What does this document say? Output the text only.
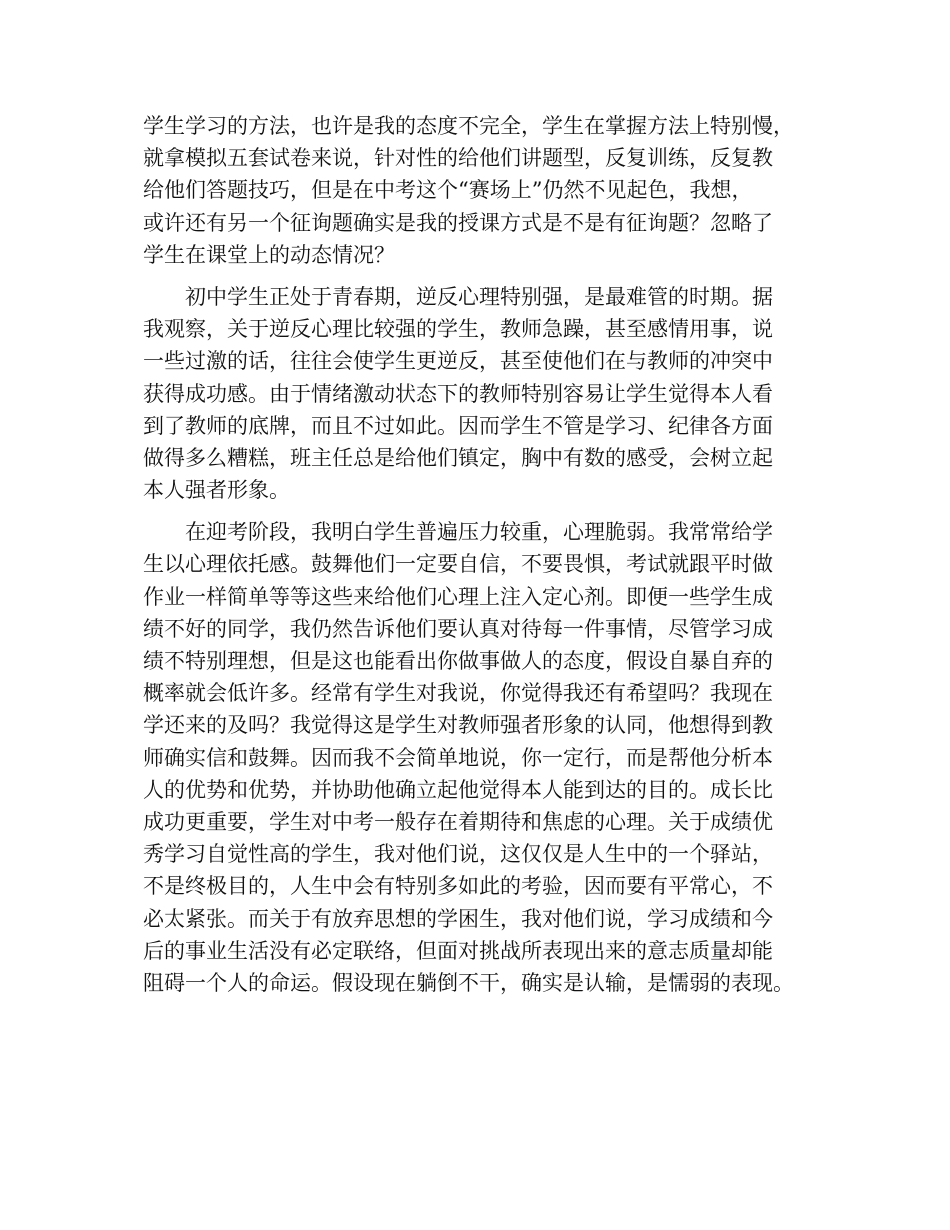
学生学习的方法，也许是我的态度不完全，学生在掌握方法上特别慢，
就拿模拟五套试卷来说，针对性的给他们讲题型，反复训练，反复教
给他们答题技巧，但是在中考这个“赛场上”仍然不见起色，我想，
或许还有另一个征询题确实是我的授课方式是不是有征询题？忽略了
学生在课堂上的动态情况？
初中学生正处于青春期，逆反心理特别强，是最难管的时期。据
我观察，关于逆反心理比较强的学生，教师急躁，甚至感情用事，说
一些过激的话，往往会使学生更逆反，甚至使他们在与教师的冲突中
获得成功感。由于情绪激动状态下的教师特别容易让学生觉得本人看
到了教师的底牌，而且不过如此。因而学生不管是学习、纪律各方面
做得多么糟糕，班主任总是给他们镇定，胸中有数的感受，会树立起
本人强者形象。
在迎考阶段，我明白学生普遍压力较重，心理脆弱。我常常给学
生以心理依托感。鼓舞他们一定要自信，不要畏惧，考试就跟平时做
作业一样简单等等这些来给他们心理上注入定心剂。即便一些学生成
绩不好的同学，我仍然告诉他们要认真对待每一件事情，尽管学习成
绩不特别理想，但是这也能看出你做事做人的态度，假设自暴自弃的
概率就会低许多。经常有学生对我说，你觉得我还有希望吗？我现在
学还来的及吗？我觉得这是学生对教师强者形象的认同，他想得到教
师确实信和鼓舞。因而我不会简单地说，你一定行，而是帮他分析本
人的优势和优势，并协助他确立起他觉得本人能到达的目的。成长比
成功更重要，学生对中考一般存在着期待和焦虑的心理。关于成绩优
秀学习自觉性高的学生，我对他们说，这仅仅是人生中的一个驿站，
不是终极目的，人生中会有特别多如此的考验，因而要有平常心，不
必太紧张。而关于有放弃思想的学困生，我对他们说，学习成绩和今
后的事业生活没有必定联络，但面对挑战所表现出来的意志质量却能
阻碍一个人的命运。假设现在躺倒不干，确实是认输，是懦弱的表现。
